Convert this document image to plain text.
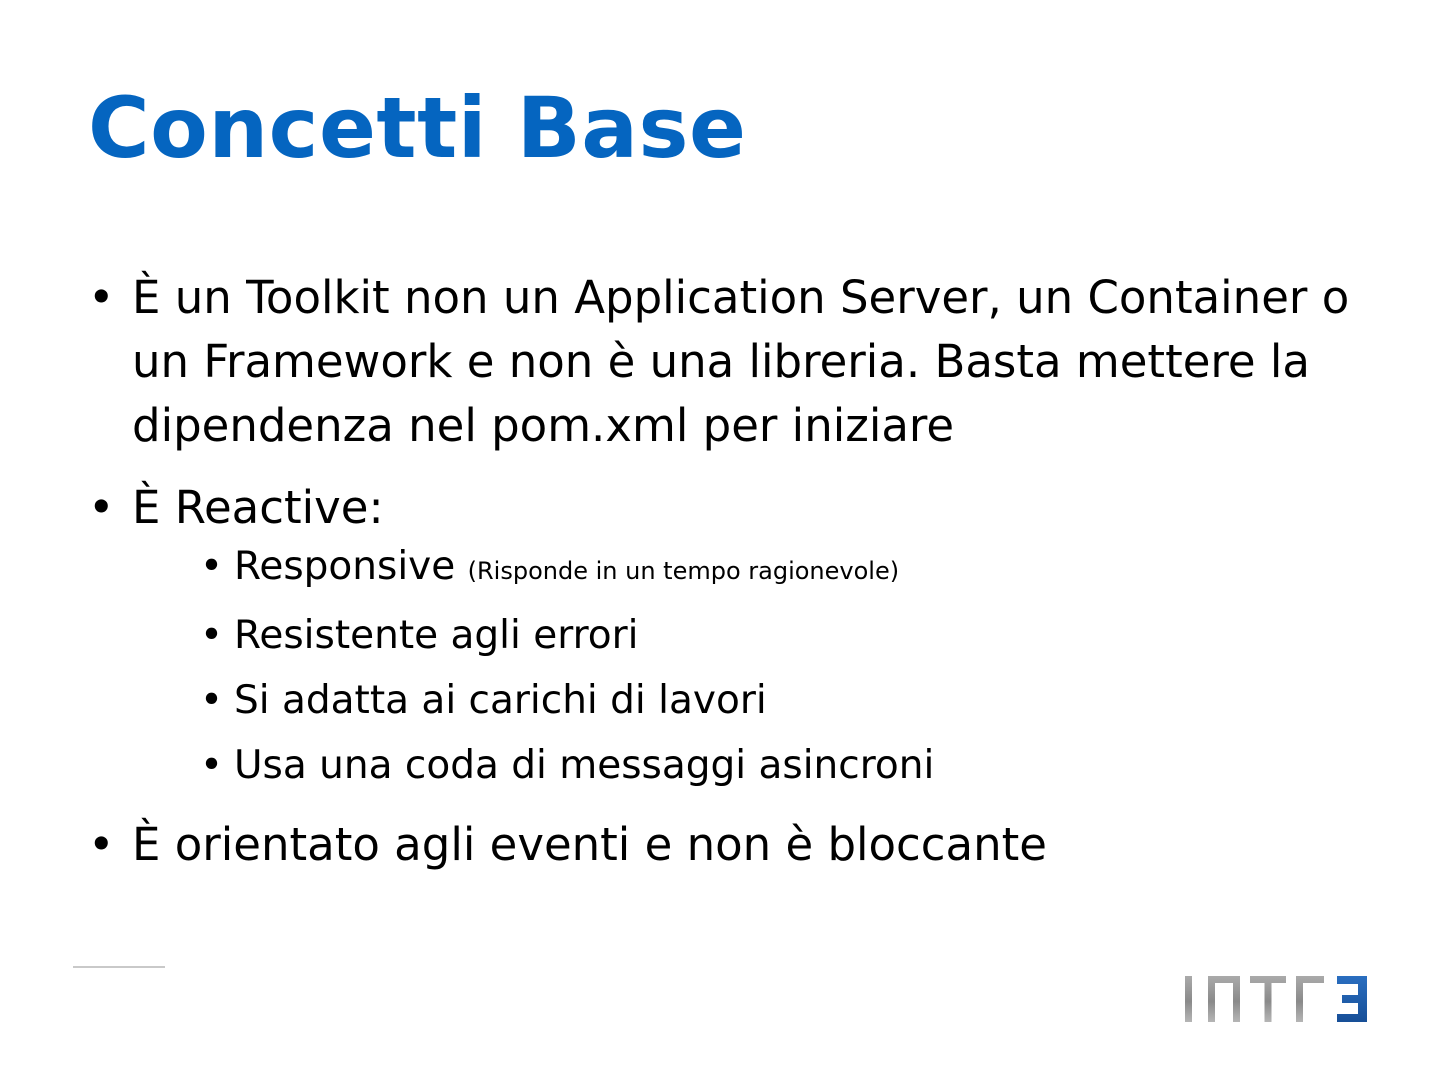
Concetti Base
• È un Toolkit non un Application Server, un Container o un Framework e non è una libreria. Basta mettere la dipendenza nel pom.xml per iniziare
• È Reactive:
• Responsive (Risponde in un tempo ragionevole)
• Resistente agli errori
• Si adatta ai carichi di lavori
• Usa una coda di messaggi asincroni
• È orientato agli eventi e non è bloccante
